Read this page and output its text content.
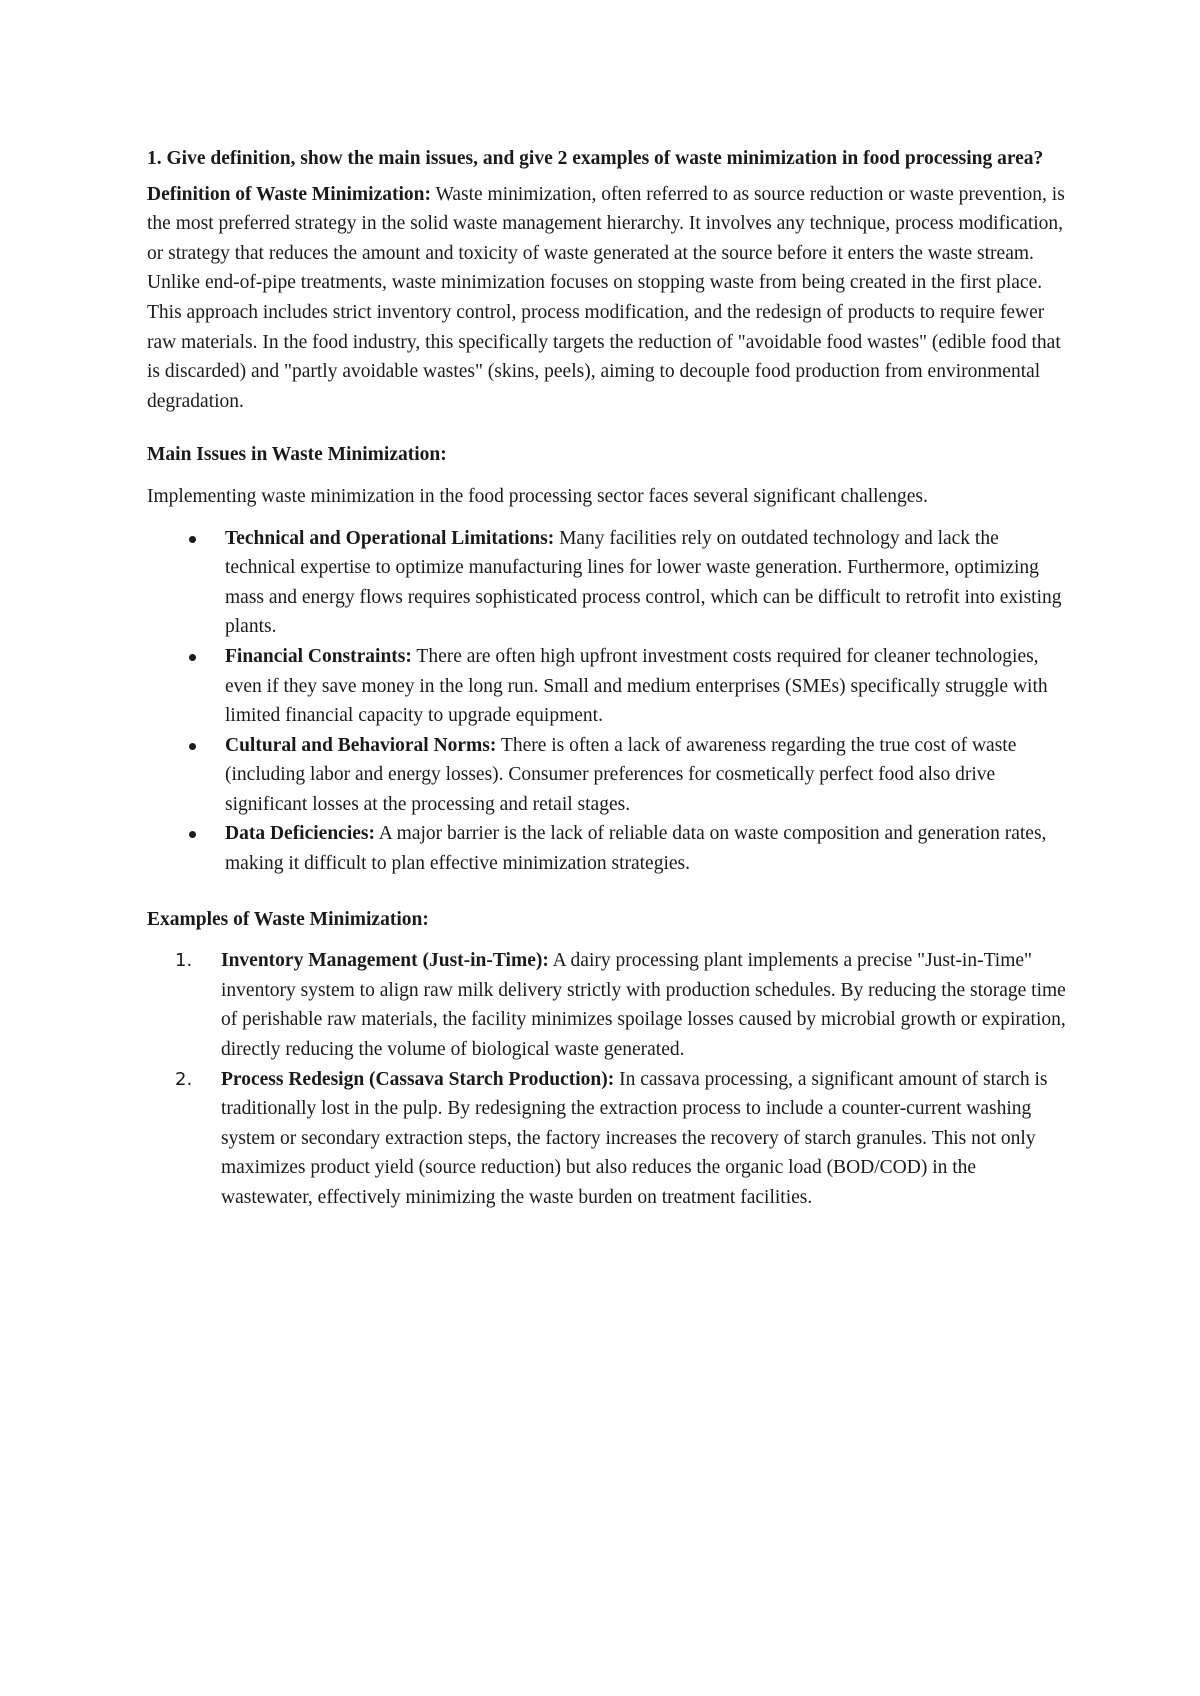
1. Give definition, show the main issues, and give 2 examples of waste minimization in food processing area?

Definition of Waste Minimization: Waste minimization, often referred to as source reduction or waste prevention, is the most preferred strategy in the solid waste management hierarchy. It involves any technique, process modification, or strategy that reduces the amount and toxicity of waste generated at the source before it enters the waste stream. Unlike end-of-pipe treatments, waste minimization focuses on stopping waste from being created in the first place. This approach includes strict inventory control, process modification, and the redesign of products to require fewer raw materials. In the food industry, this specifically targets the reduction of "avoidable food wastes" (edible food that is discarded) and "partly avoidable wastes" (skins, peels), aiming to decouple food production from environmental degradation.

Main Issues in Waste Minimization:

Implementing waste minimization in the food processing sector faces several significant challenges.

Technical and Operational Limitations: Many facilities rely on outdated technology and lack the technical expertise to optimize manufacturing lines for lower waste generation. Furthermore, optimizing mass and energy flows requires sophisticated process control, which can be difficult to retrofit into existing plants.
Financial Constraints: There are often high upfront investment costs required for cleaner technologies, even if they save money in the long run. Small and medium enterprises (SMEs) specifically struggle with limited financial capacity to upgrade equipment.
Cultural and Behavioral Norms: There is often a lack of awareness regarding the true cost of waste (including labor and energy losses). Consumer preferences for cosmetically perfect food also drive significant losses at the processing and retail stages.
Data Deficiencies: A major barrier is the lack of reliable data on waste composition and generation rates, making it difficult to plan effective minimization strategies.

Examples of Waste Minimization:

1. Inventory Management (Just-in-Time): A dairy processing plant implements a precise "Just-in-Time" inventory system to align raw milk delivery strictly with production schedules. By reducing the storage time of perishable raw materials, the facility minimizes spoilage losses caused by microbial growth or expiration, directly reducing the volume of biological waste generated.
2. Process Redesign (Cassava Starch Production): In cassava processing, a significant amount of starch is traditionally lost in the pulp. By redesigning the extraction process to include a counter-current washing system or secondary extraction steps, the factory increases the recovery of starch granules. This not only maximizes product yield (source reduction) but also reduces the organic load (BOD/COD) in the wastewater, effectively minimizing the waste burden on treatment facilities.
